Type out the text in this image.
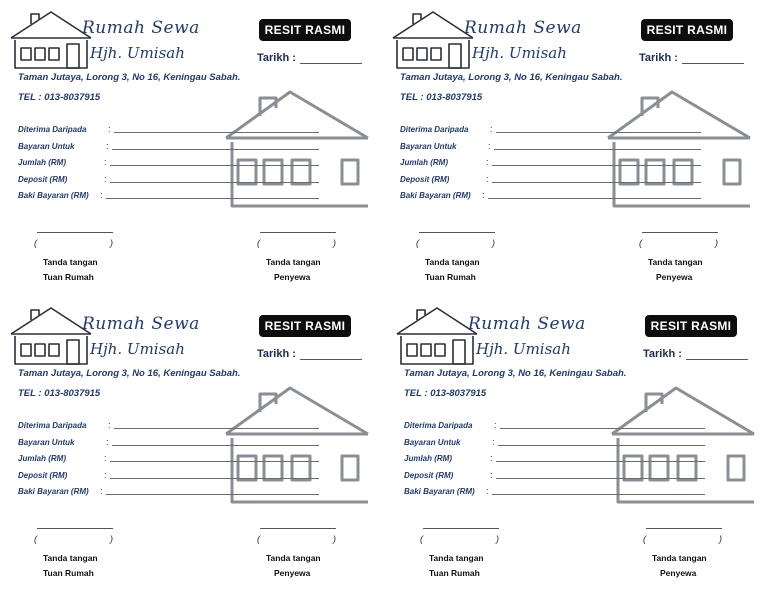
Rumah Sewa
Hjh. Umisah
RESIT RASMI
Tarikh :
Taman Jutaya, Lorong 3, No 16, Keningau Sabah.
TEL : 013-8037915
Diterima Daripada :
Bayaran Untuk	:
Jumlah (RM)	:
Deposit (RM)	:
Baki Bayaran (RM) :
(	)
Tanda tangan
Tuan Rumah
(	)
Tanda tangan
Penyewa
Rumah Sewa
Hjh. Umisah
RESIT RASMI
Tarikh :
Taman Jutaya, Lorong 3, No 16, Keningau Sabah.
TEL : 013-8037915
Diterima Daripada :
Bayaran Untuk	:
Jumlah (RM)	:
Deposit (RM)	:
Baki Bayaran (RM) :
(	)
Tanda tangan
Tuan Rumah
(	)
Tanda tangan
Penyewa
Rumah Sewa
Hjh. Umisah
RESIT RASMI
Tarikh :
Taman Jutaya, Lorong 3, No 16, Keningau Sabah.
TEL : 013-8037915
Diterima Daripada :
Bayaran Untuk	:
Jumlah (RM)	:
Deposit (RM)	:
Baki Bayaran (RM) :
(	)
Tanda tangan
Tuan Rumah
(	)
Tanda tangan
Penyewa
Rumah Sewa
Hjh. Umisah
RESIT RASMI
Tarikh :
Taman Jutaya, Lorong 3, No 16, Keningau Sabah.
TEL : 013-8037915
Diterima Daripada :
Bayaran Untuk	:
Jumlah (RM)	:
Deposit (RM)	:
Baki Bayaran (RM) :
(	)
Tanda tangan
Tuan Rumah
(	)
Tanda tangan
Penyewa
